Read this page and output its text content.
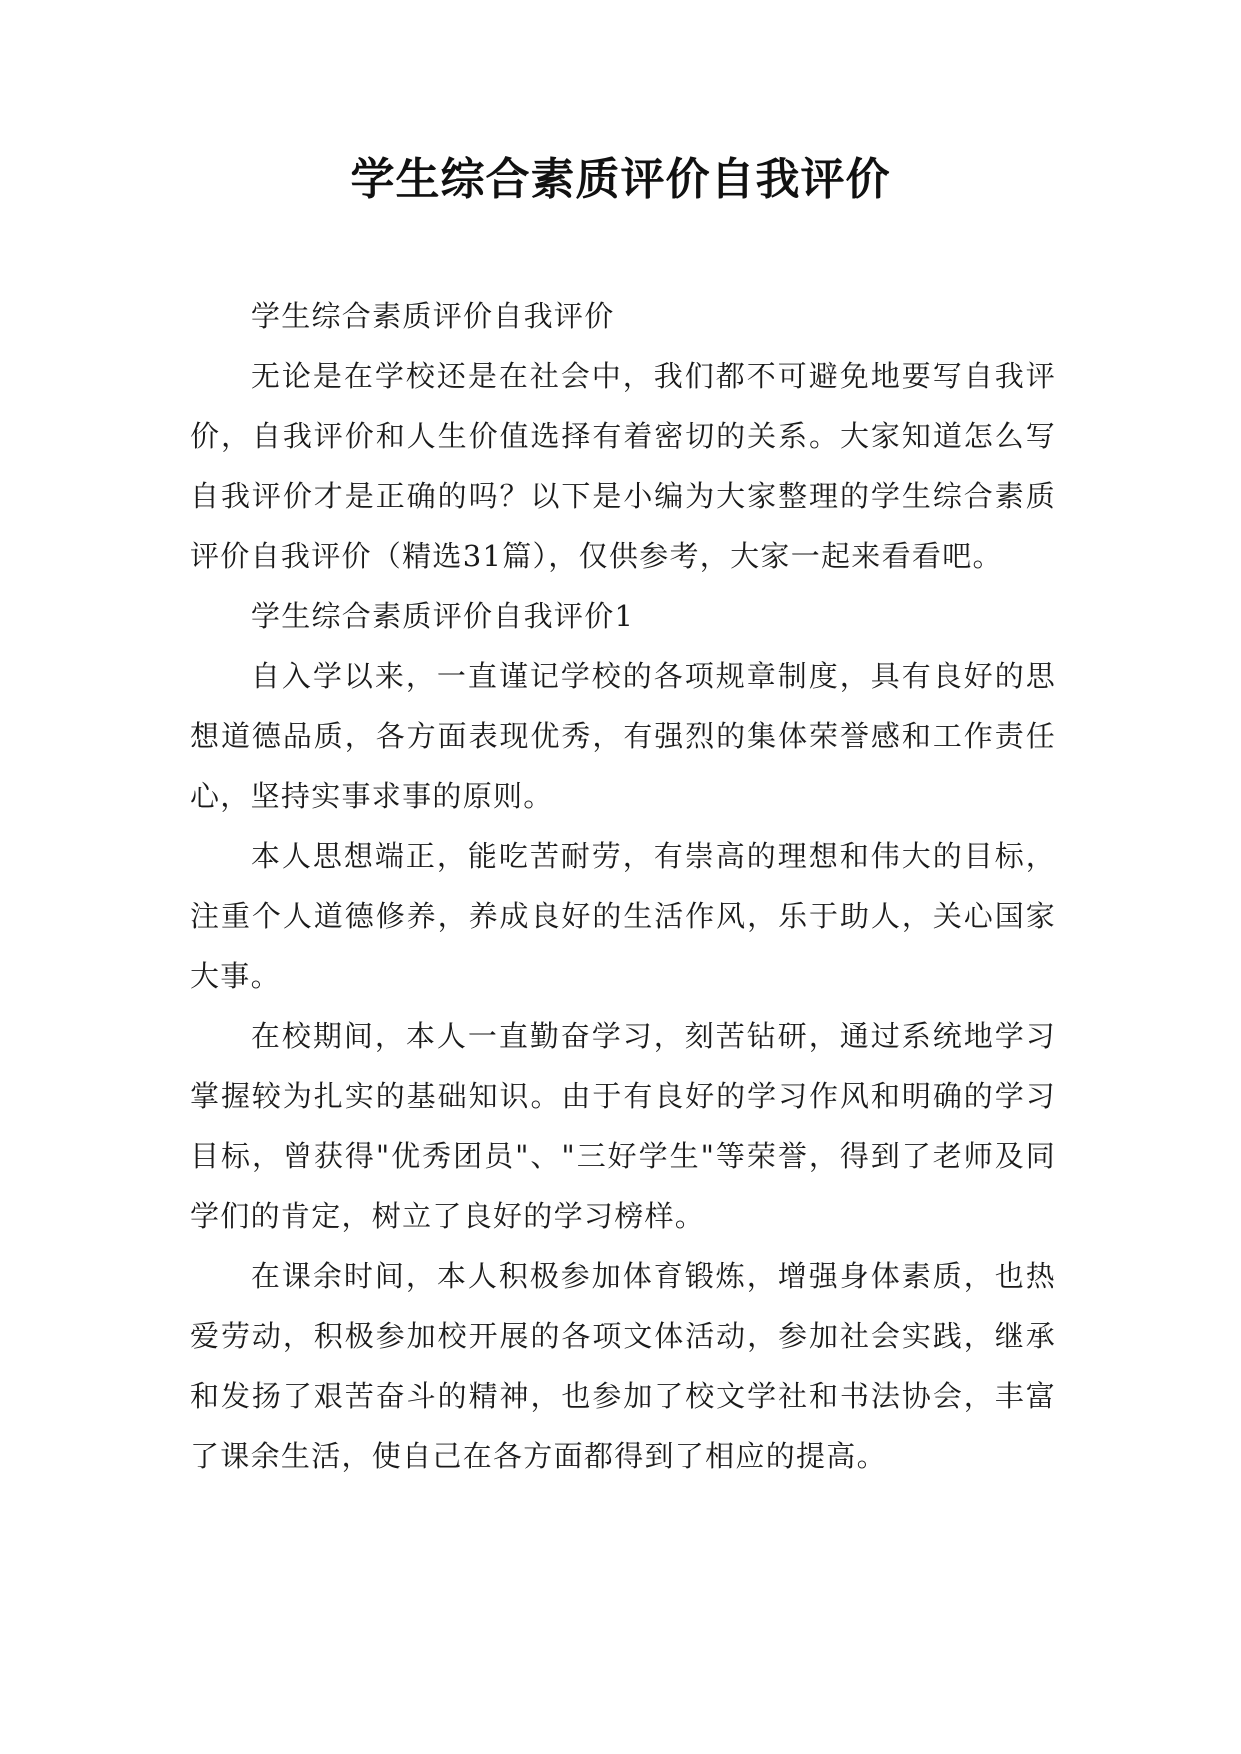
学生综合素质评价自我评价

学生综合素质评价自我评价

无论是在学校还是在社会中，我们都不可避免地要写自我评价，自我评价和人生价值选择有着密切的关系。大家知道怎么写自我评价才是正确的吗？以下是小编为大家整理的学生综合素质评价自我评价（精选31篇），仅供参考，大家一起来看看吧。

学生综合素质评价自我评价1

自入学以来，一直谨记学校的各项规章制度，具有良好的思想道德品质，各方面表现优秀，有强烈的集体荣誉感和工作责任心，坚持实事求事的原则。

本人思想端正，能吃苦耐劳，有崇高的理想和伟大的目标，注重个人道德修养，养成良好的生活作风，乐于助人，关心国家大事。

在校期间，本人一直勤奋学习，刻苦钻研，通过系统地学习掌握较为扎实的基础知识。由于有良好的学习作风和明确的学习目标，曾获得"优秀团员"、"三好学生"等荣誉，得到了老师及同学们的肯定，树立了良好的学习榜样。

在课余时间，本人积极参加体育锻炼，增强身体素质，也热爱劳动，积极参加校开展的各项文体活动，参加社会实践，继承和发扬了艰苦奋斗的精神，也参加了校文学社和书法协会，丰富了课余生活，使自己在各方面都得到了相应的提高。
